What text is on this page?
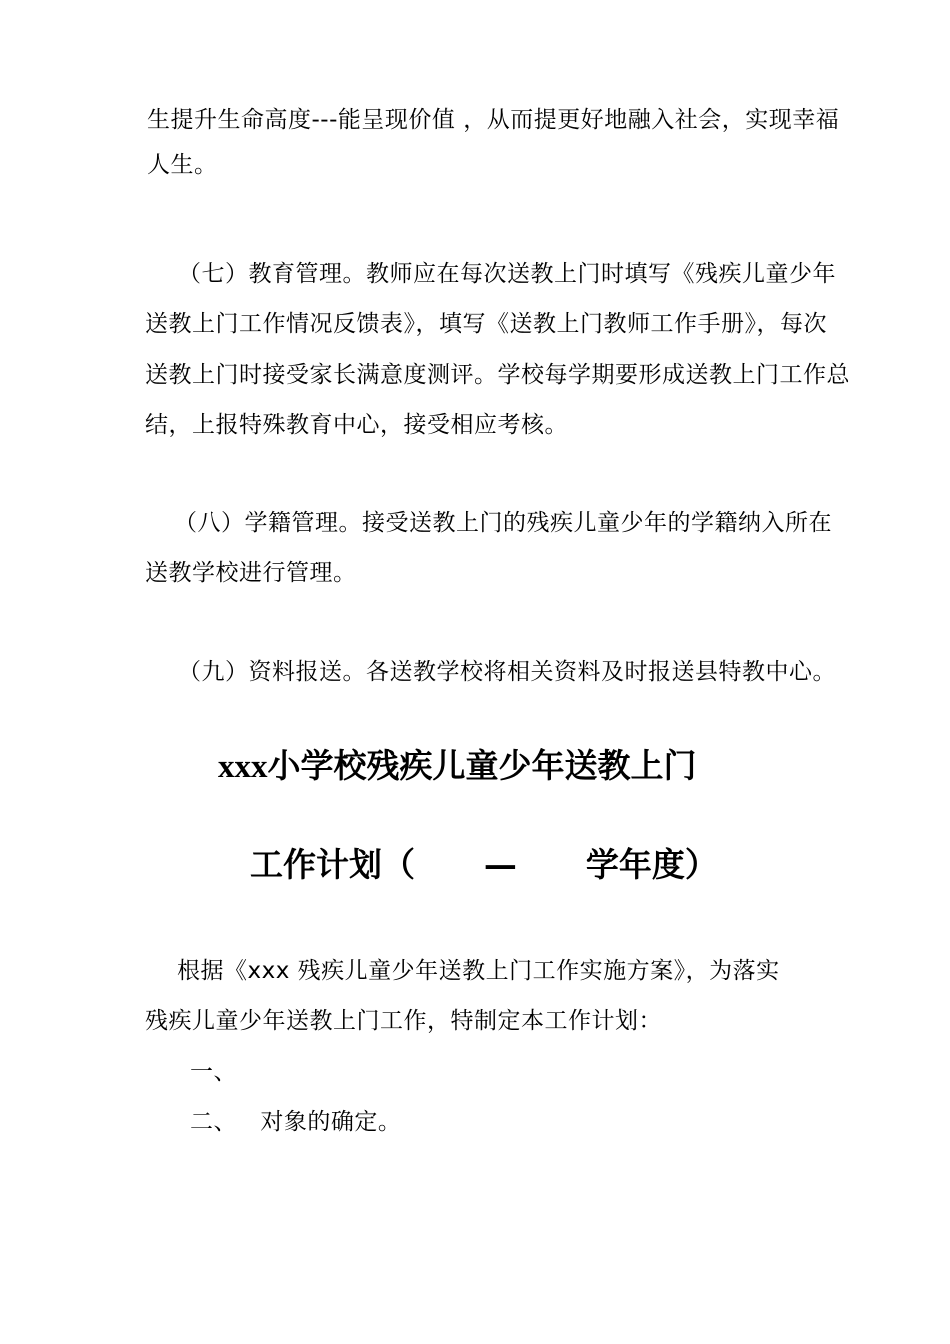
生提升生命高度---能呈现价值 ，从而提更好地融入社会，实现幸福
人生。
（七）教育管理。教师应在每次送教上门时填写《残疾儿童少年
送教上门工作情况反馈表》，填写《送教上门教师工作手册》，每次
送教上门时接受家长满意度测评。学校每学期要形成送教上门工作总
结，上报特殊教育中心，接受相应考核。
（八）学籍管理。接受送教上门的残疾儿童少年的学籍纳入所在
送教学校进行管理。
（九）资料报送。各送教学校将相关资料及时报送县特教中心。
xxx小学校残疾儿童少年送教上门
工作计划（      —      学年度）
根据《xxx 残疾儿童少年送教上门工作实施方案》，为落实
残疾儿童少年送教上门工作，特制定本工作计划：
一、
二、   对象的确定。
